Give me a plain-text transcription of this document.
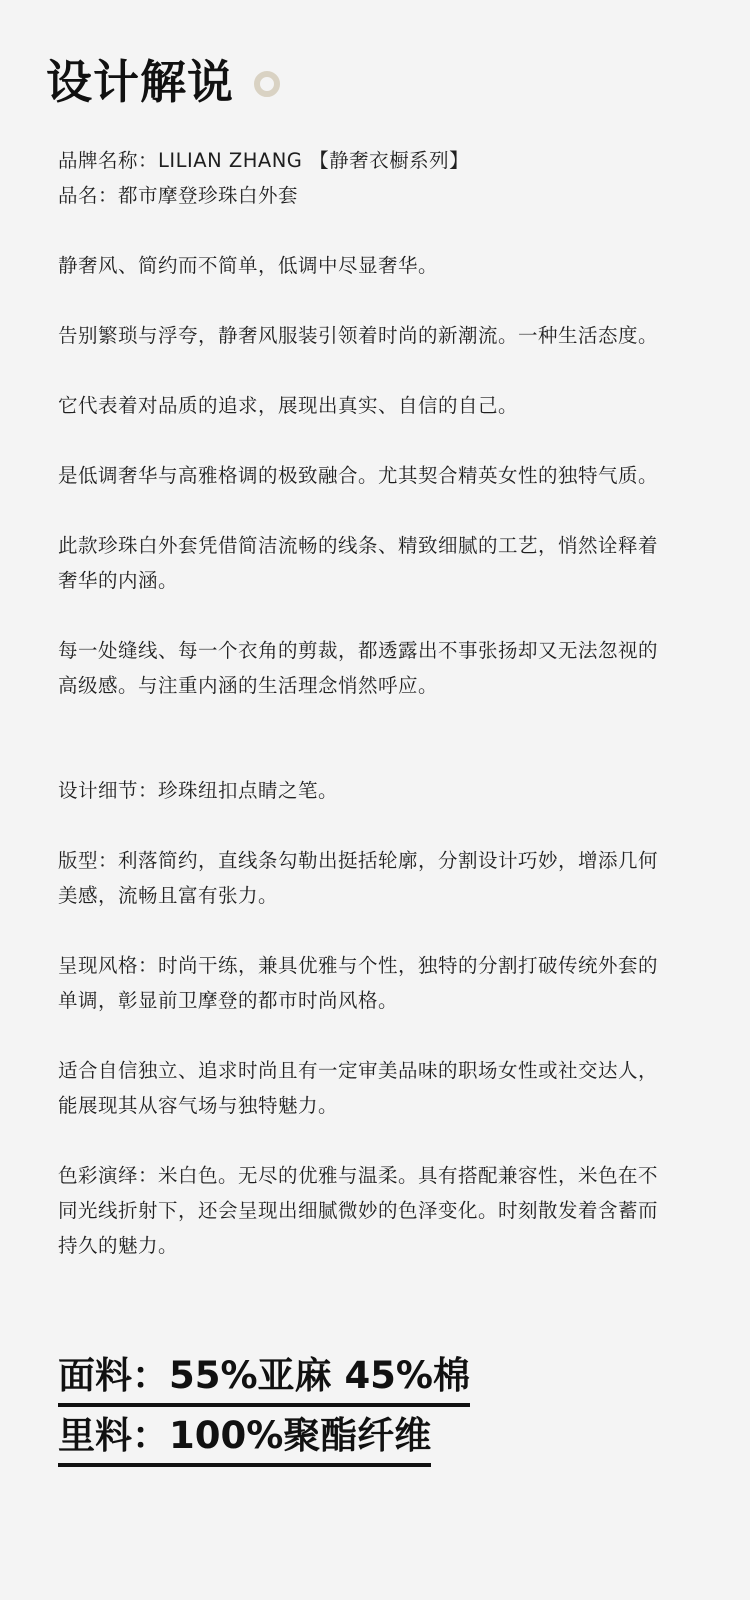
设计解说

品牌名称：LILIAN ZHANG 【静奢衣橱系列】

品名：都市摩登珍珠白外套

静奢风、简约而不简单，低调中尽显奢华。

告别繁琐与浮夸，静奢风服装引领着时尚的新潮流。一种生活态度。

它代表着对品质的追求，展现出真实、自信的自己。

是低调奢华与高雅格调的极致融合。尤其契合精英女性的独特气质。

此款珍珠白外套凭借简洁流畅的线条、精致细腻的工艺，悄然诠释着
奢华的内涵。

每一处缝线、每一个衣角的剪裁，都透露出不事张扬却又无法忽视的
高级感。与注重内涵的生活理念悄然呼应。

设计细节：珍珠纽扣点睛之笔。

版型：利落简约，直线条勾勒出挺括轮廓，分割设计巧妙，增添几何
美感，流畅且富有张力。

呈现风格：时尚干练，兼具优雅与个性，独特的分割打破传统外套的
单调，彰显前卫摩登的都市时尚风格。

适合自信独立、追求时尚且有一定审美品味的职场女性或社交达人，
能展现其从容气场与独特魅力。

色彩演绎：米白色。无尽的优雅与温柔。具有搭配兼容性，米色在不
同光线折射下，还会呈现出细腻微妙的色泽变化。时刻散发着含蓄而
持久的魅力。

面料：55%亚麻 45%棉
里料：100%聚酯纤维
